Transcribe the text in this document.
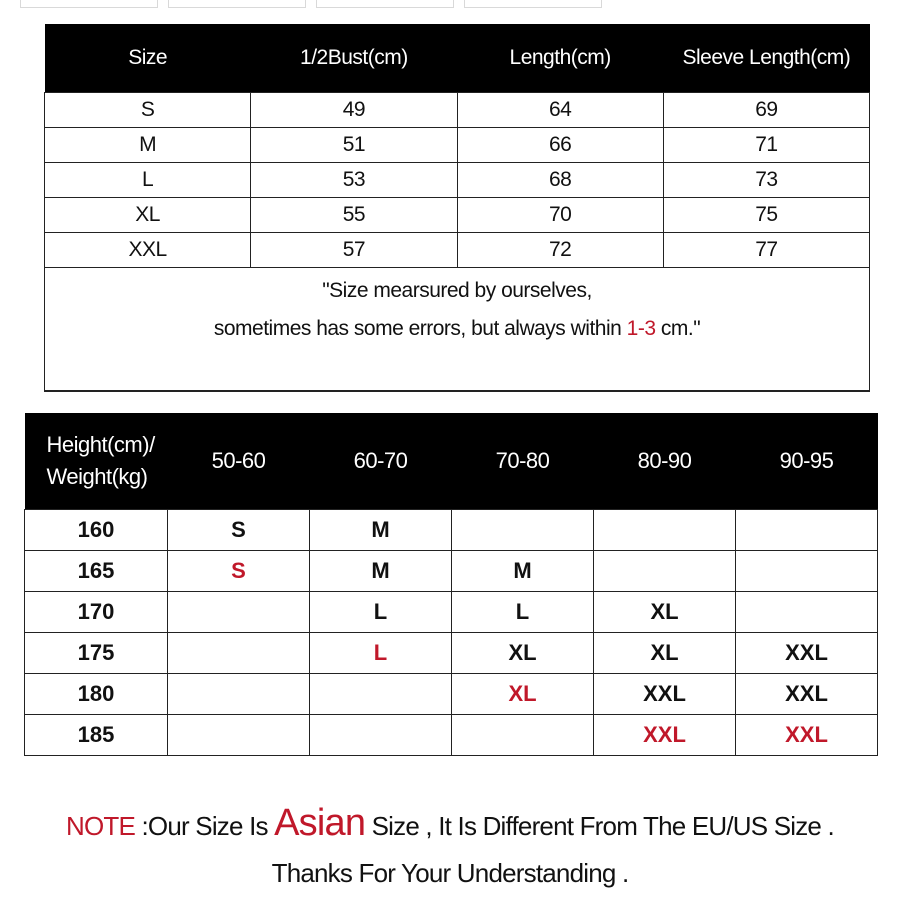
Size	1/2Bust(cm)	Length(cm)	Sleeve Length(cm)
S	49	64	69
M	51	66	71
L	53	68	73
XL	55	70	75
XXL	57	72	77
"Size mearsured by ourselves,
sometimes has some errors, but always within 1-3 cm."			
Height(cm)/
Weight(kg)	50-60	60-70	70-80	80-90	90-95
160	S	M			
165	S	M	M		
170		L	L	XL	
175		L	XL	XL	XXL
180			XL	XXL	XXL
185				XXL	XXL
NOTE :Our Size Is Asian Size , It Is Different From The EU/US Size .
Thanks For Your Understanding .
